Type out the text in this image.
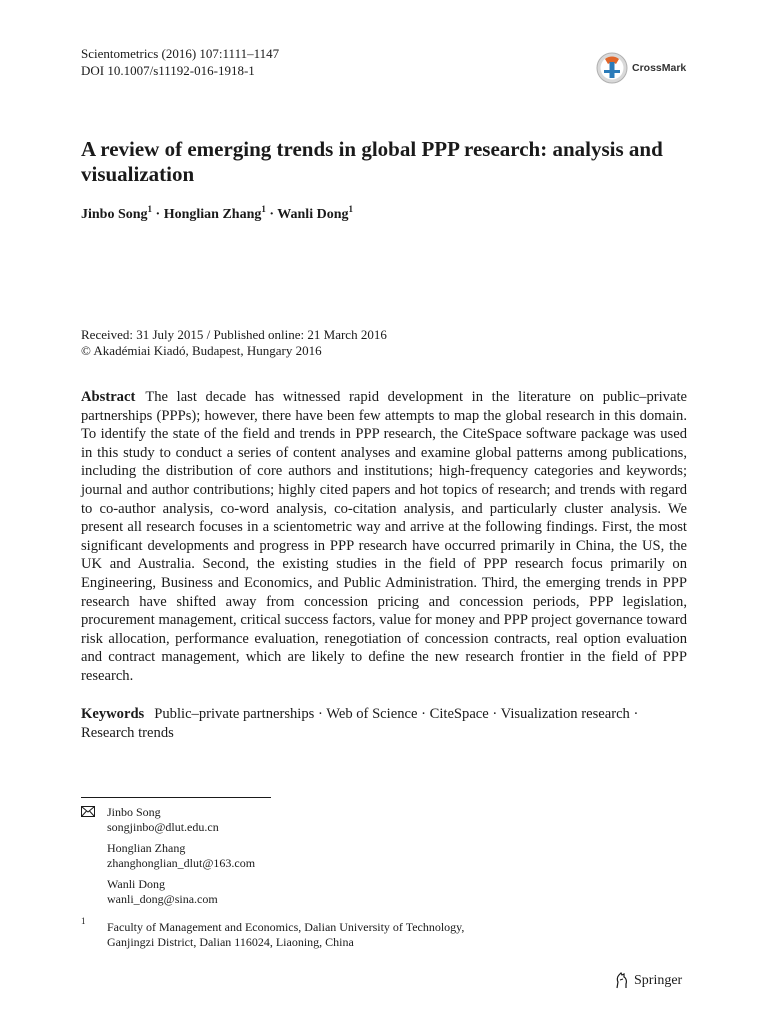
Scientometrics (2016) 107:1111–1147
DOI 10.1007/s11192-016-1918-1	CrossMark
A review of emerging trends in global PPP research: analysis and visualization
Jinbo Song$^1$ · Honglian Zhang$^1$ · Wanli Dong$^1$
Received: 31 July 2015 / Published online: 21 March 2016
© Akadémiai Kiadó, Budapest, Hungary 2016
Abstract The last decade has witnessed rapid development in the literature on public–private partnerships (PPPs); however, there have been few attempts to map the global research in this domain. To identify the state of the field and trends in PPP research, the CiteSpace software package was used in this study to conduct a series of content analyses and examine global patterns among publications, including the distribution of core authors and institutions; high-frequency categories and keywords; journal and author contributions; highly cited papers and hot topics of research; and trends with regard to co-author analysis, co-word analysis, co-citation analysis, and particularly cluster analysis. We present all research focuses in a scientometric way and arrive at the following findings. First, the most significant developments and progress in PPP research have occurred primarily in China, the US, the UK and Australia. Second, the existing studies in the field of PPP research focus primarily on Engineering, Business and Economics, and Public Administration. Third, the emerging trends in PPP research have shifted away from concession pricing and concession periods, PPP legislation, procurement management, critical success factors, value for money and PPP project governance toward risk allocation, performance evaluation, renegotiation of concession contracts, real option evaluation and contract management, which are likely to define the new research frontier in the field of PPP research.
Keywords Public–private partnerships · Web of Science · CiteSpace · Visualization research · Research trends
Jinbo Song
songjinbo@dlut.edu.cn
Honglian Zhang
zhanghonglian_dlut@163.com
Wanli Dong
wanli_dong@sina.com
1 Faculty of Management and Economics, Dalian University of Technology,
Ganjingzi District, Dalian 116024, Liaoning, China
Springer
